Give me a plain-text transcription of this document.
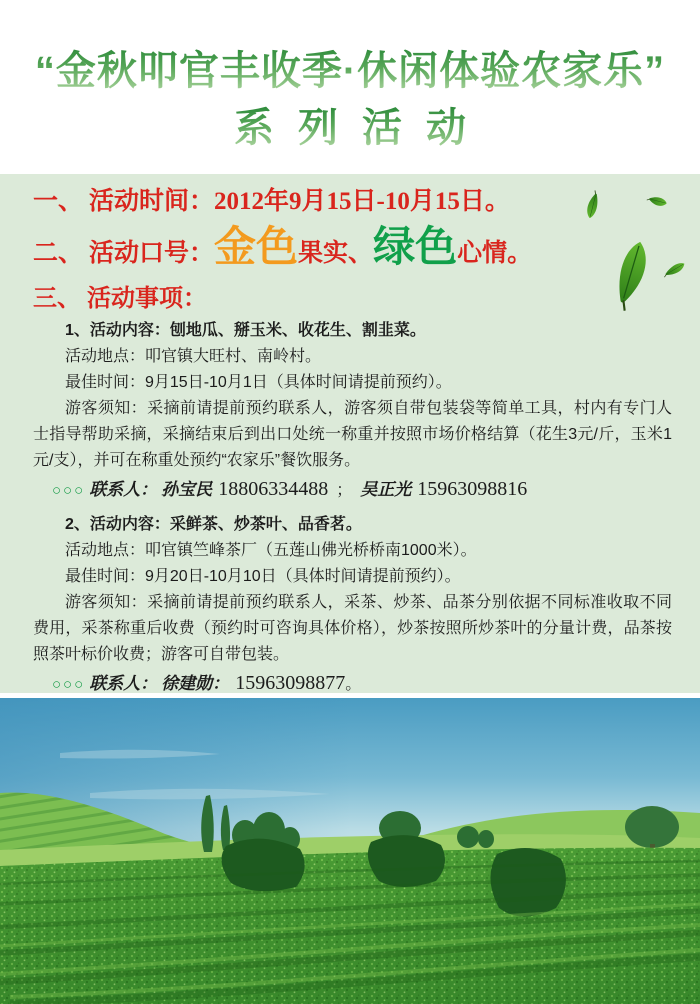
“金秋叩官丰收季·休闲体验农家乐”
系列活动
一、 活动时间：2012年9月15日-10月15日。
二、 活动口号：金色果实、绿色心情。
三、 活动事项：

1、活动内容：刨地瓜、掰玉米、收花生、割韭菜。

活动地点：叩官镇大旺村、南岭村。

最佳时间：9月15日-10月1日（具体时间请提前预约）。

游客须知：采摘前请提前预约联系人，游客须自带包装袋等简单工具，村内有专门人士指导帮助采摘，采摘结束后到出口处统一称重并按照市场价格结算（花生3元/斤，玉米1元/支），并可在称重处预约“农家乐”餐饮服务。

○○○ 联系人： 孙宝民 18806334488 ； 吴正光 15963098816

2、活动内容：采鲜茶、炒茶叶、品香茗。

活动地点：叩官镇竺峰茶厂（五莲山佛光桥桥南1000米）。

最佳时间：9月20日-10月10日（具体时间请提前预约）。

游客须知：采摘前请提前预约联系人，采茶、炒茶、品茶分别依据不同标准收取不同费用，采茶称重后收费（预约时可咨询具体价格），炒茶按照所炒茶叶的分量计费，品茶按照茶叶标价收费；游客可自带包装。

○○○ 联系人： 徐建勋： 15963098877。
